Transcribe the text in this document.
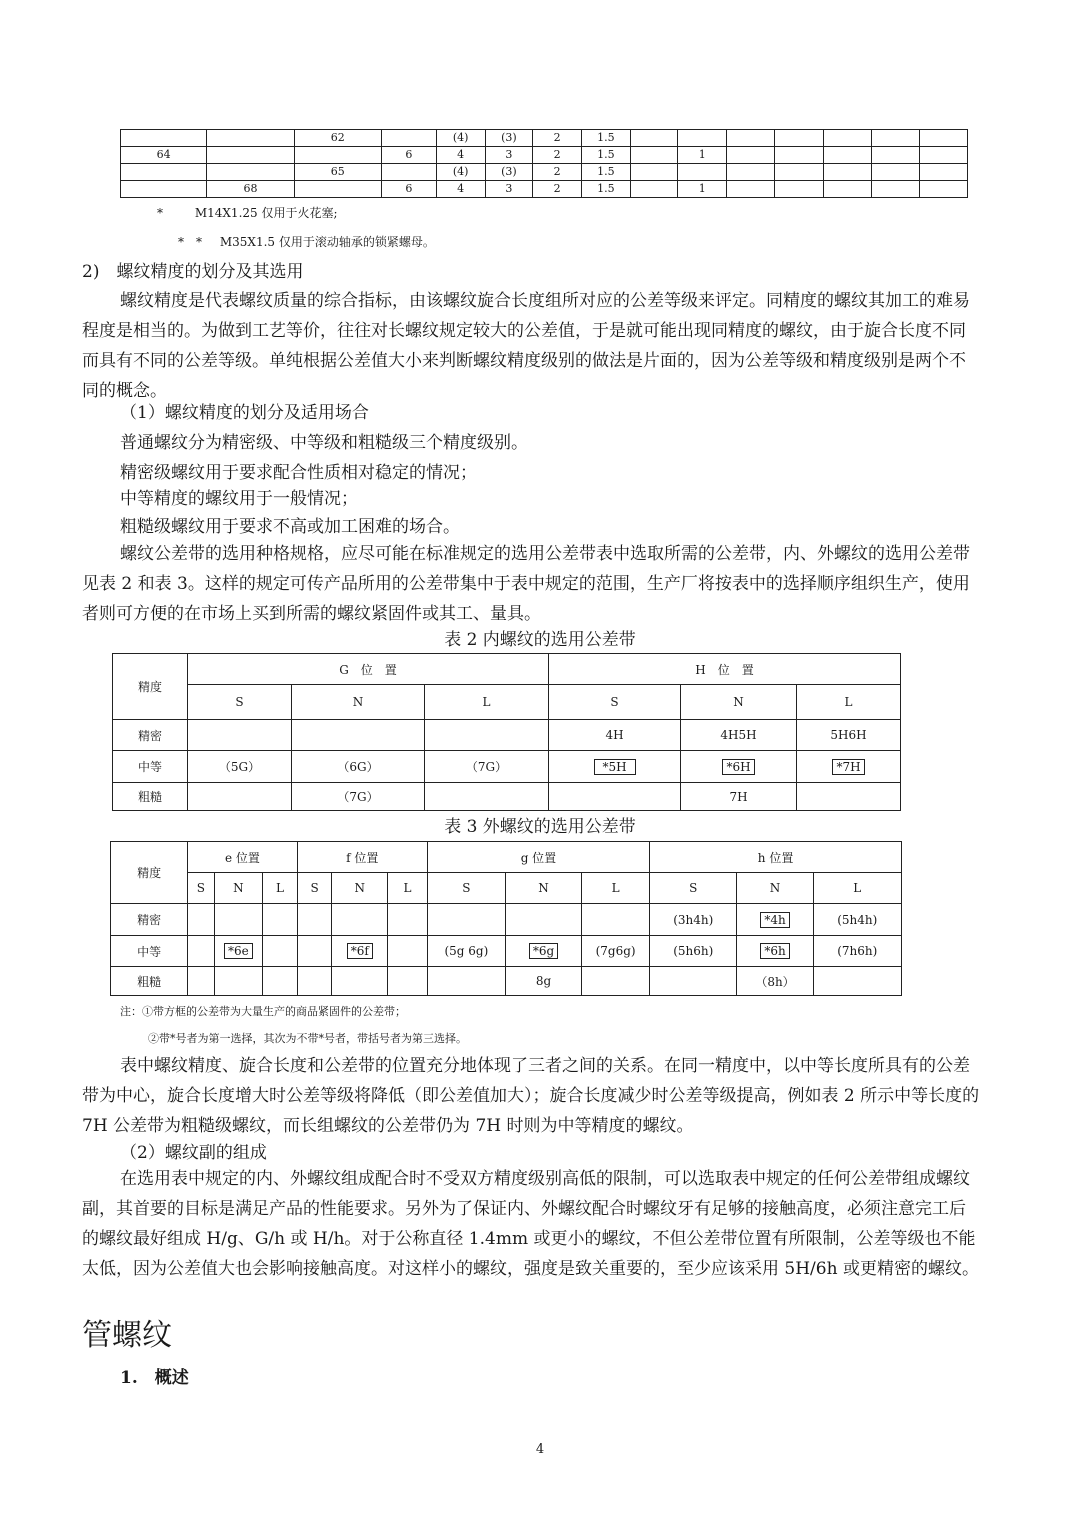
		62		(4)	(3)	2	1.5							
64			6	4	3	2	1.5		1					
		65		(4)	(3)	2	1.5							
	68		6	4	3	2	1.5		1					
*	M14X1.25 仅用于火花塞;
*　* M35X1.5 仅用于滚动轴承的锁紧螺母。
2)　螺纹精度的划分及其选用
螺纹精度是代表螺纹质量的综合指标，由该螺纹旋合长度组所对应的公差等级来评定。同精度的螺纹其加工的难易程度是相当的。为做到工艺等价，往往对长螺纹规定较大的公差值，于是就可能出现同精度的螺纹，由于旋合长度不同而具有不同的公差等级。单纯根据公差值大小来判断螺纹精度级别的做法是片面的，因为公差等级和精度级别是两个不同的概念。
（1）螺纹精度的划分及适用场合
普通螺纹分为精密级、中等级和粗糙级三个精度级别。
精密级螺纹用于要求配合性质相对稳定的情况；
中等精度的螺纹用于一般情况；
粗糙级螺纹用于要求不高或加工困难的场合。
螺纹公差带的选用种格规格，应尽可能在标准规定的选用公差带表中选取所需的公差带，内、外螺纹的选用公差带见表 2 和表 3。这样的规定可传产品所用的公差带集中于表中规定的范围，生产厂将按表中的选择顺序组织生产，使用者则可方便的在市场上买到所需的螺纹紧固件或其工、量具。
表 2 内螺纹的选用公差带
精度	G　位　置			H　位　置		
	S	N	L	S	N	L
精密				4H	4H5H	5H6H
中等	（5G）	（6G）	（7G）	*5H	*6H	*7H
粗糙		（7G）			7H	
表 3 外螺纹的选用公差带
精度	e 位置			f 位置			g 位置			h 位置		
	S	N	L	S	N	L	S	N	L	S	N	L
精密										(3h4h)	*4h	(5h4h)
中等		*6e			*6f		(5g 6g)	*6g	(7g6g)	(5h6h)	*6h	(7h6h)
粗糙								8g			（8h）	
注：①带方框的公差带为大量生产的商品紧固件的公差带；
②带*号者为第一选择，其次为不带*号者，带括号者为第三选择。
表中螺纹精度、旋合长度和公差带的位置充分地体现了三者之间的关系。在同一精度中，以中等长度所具有的公差带为中心，旋合长度增大时公差等级将降低（即公差值加大）；旋合长度减少时公差等级提高，例如表 2 所示中等长度的 7H 公差带为粗糙级螺纹，而长组螺纹的公差带仍为 7H 时则为中等精度的螺纹。
（2）螺纹副的组成
在选用表中规定的内、外螺纹组成配合时不受双方精度级别高低的限制，可以选取表中规定的任何公差带组成螺纹副，其首要的目标是满足产品的性能要求。另外为了保证内、外螺纹配合时螺纹牙有足够的接触高度，必须注意完工后的螺纹最好组成 H/g、G/h 或 H/h。对于公称直径 1.4mm 或更小的螺纹，不但公差带位置有所限制，公差等级也不能太低，因为公差值大也会影响接触高度。对这样小的螺纹，强度是致关重要的，至少应该采用 5H/6h 或更精密的螺纹。
管螺纹
1.　概述
4
